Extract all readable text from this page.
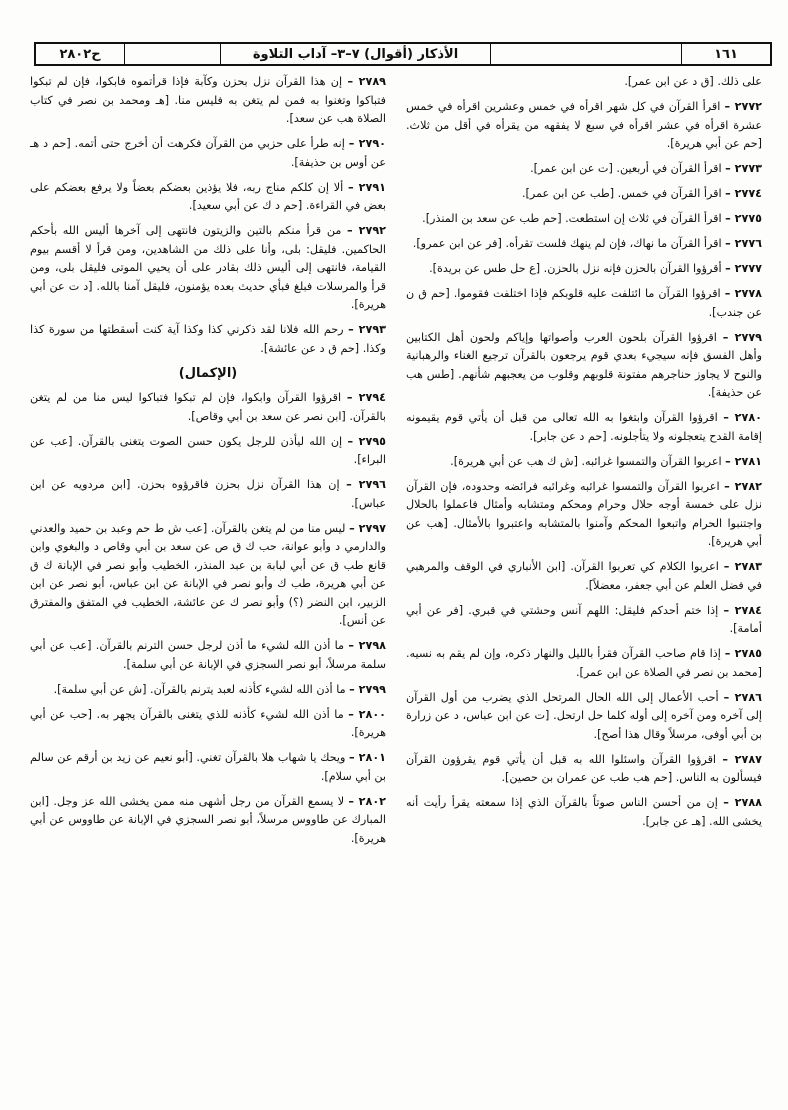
١٦١
الأذكار (أقوال) ٧–٣– آداب التلاوة
ح٢٨٠٢
على ذلك. [ق د عن ابن عمر].
٢٧٧٢ – اقرأ القرآن في كل شهر اقرأه في خمس وعشرين اقرأه في خمس عشرة اقرأه في عشر اقرأه في سبع لا يفقهه من يقرأه في أقل من ثلاث. [حم عن أبي هريرة].
٢٧٧٣ – اقرأ القرآن في أربعين. [ت عن ابن عمر].
٢٧٧٤ – اقرأ القرآن في خمس. [طب عن ابن عمر].
٢٧٧٥ – اقرأ القرآن في ثلاث إن استطعت. [حم طب عن سعد بن المنذر].
٢٧٧٦ – اقرأ القرآن ما نهاك، فإن لم ينهك فلست تقرأه. [فر عن ابن عمرو].
٢٧٧٧ – أقرؤوا القرآن بالحزن فإنه نزل بالحزن. [ع حل طس عن بريدة].
٢٧٧٨ – اقرؤوا القرآن ما ائتلفت عليه قلوبكم فإذا اختلفت فقوموا. [حم ق ن عن جندب].
٢٧٧٩ – اقرؤوا القرآن بلحون العرب وأصواتها وإياكم ولحون أهل الكتابين وأهل الفسق فإنه سيجيء بعدي قوم يرجعون بالقرآن ترجيع الغناء والرهبانية والنوح لا يجاوز حناجرهم مفتونة قلوبهم وقلوب من يعجبهم شأنهم. [طس هب عن حذيفة].
٢٧٨٠ – اقرؤوا القرآن وابتغوا به الله تعالى من قبل أن يأتي قوم يقيمونه إقامة القدح يتعجلونه ولا يتأجلونه. [حم د عن جابر].
٢٧٨١ – اعربوا القرآن والتمسوا غرائبه. [ش ك هب عن أبي هريرة].
٢٧٨٢ – اعربوا القرآن والتمسوا غرائبه وغرائبه فرائضه وحدوده، فإن القرآن نزل على خمسة أوجه حلال وحرام ومحكم ومتشابه وأمثال فاعملوا بالحلال واجتنبوا الحرام واتبعوا المحكم وآمنوا بالمتشابه واعتبروا بالأمثال. [هب عن أبي هريرة].
٢٧٨٣ – اعربوا الكلام كي تعربوا القرآن. [ابن الأنباري في الوقف والمرهبي في فضل العلم عن أبي جعفر، معضلاً].
٢٧٨٤ – إذا ختم أحدكم فليقل: اللهم آنس وحشتي في قبري. [فر عن أبي أمامة].
٢٧٨٥ – إذا قام صاحب القرآن فقرأ بالليل والنهار ذكره، وإن لم يقم به نسيه. [محمد بن نصر في الصلاة عن ابن عمر].
٢٧٨٦ – أحب الأعمال إلى الله الحال المرتحل الذي يضرب من أول القرآن إلى آخره ومن آخره إلى أوله كلما حل ارتحل. [ت عن ابن عباس، د عن زرارة بن أبي أوفى، مرسلاً وقال هذا أصح].
٢٧٨٧ – اقرؤوا القرآن واسئلوا الله به قبل أن يأتي قوم يقرؤون القرآن فيسألون به الناس. [حم هب طب عن عمران بن حصين].
٢٧٨٨ – إن من أحسن الناس صوتاً بالقرآن الذي إذا سمعته يقرأ رأيت أنه يخشى الله. [هـ عن جابر].
٢٧٨٩ – إن هذا القرآن نزل بحزن وكآبة فإذا قرأتموه فابكوا، فإن لم تبكوا فتباكوا وتغنوا به فمن لم يتغن به فليس منا. [هـ ومحمد بن نصر في كتاب الصلاة هب عن سعد].
٢٧٩٠ – إنه طرأ على حزبي من القرآن فكرهت أن أخرج حتى أتمه. [حم د هـ عن أوس بن حذيفة].
٢٧٩١ – ألا إن كلكم مناج ربه، فلا يؤذين بعضكم بعضاً ولا يرفع بعضكم على بعض في القراءة. [حم د ك عن أبي سعيد].
٢٧٩٢ – من قرأ منكم بالتين والزيتون فانتهى إلى آخرها أليس الله بأحكم الحاكمين. فليقل: بلى، وأنا على ذلك من الشاهدين، ومن قرأ لا أقسم بيوم القيامة، فانتهى إلى أليس ذلك بقادر على أن يحيي الموتى فليقل بلى، ومن قرأ والمرسلات فبلغ فبأي حديث بعده يؤمنون، فليقل آمنا بالله. [د ت عن أبي هريرة].
٢٧٩٣ – رحم الله فلانا لقد ذكرني كذا وكذا آية كنت أسقطتها من سورة كذا وكذا. [حم ق د عن عائشة].
(الإكمال)
٢٧٩٤ – اقرؤوا القرآن وابكوا، فإن لم تبكوا فتباكوا ليس منا من لم يتغن بالقرآن. [ابن نصر عن سعد بن أبي وقاص].
٢٧٩٥ – إن الله ليأذن للرجل يكون حسن الصوت يتغنى بالقرآن. [عب عن البراء].
٢٧٩٦ – إن هذا القرآن نزل بحزن فاقرؤوه بحزن. [ابن مردويه عن ابن عباس].
٢٧٩٧ – ليس منا من لم يتغن بالقرآن. [عب ش ط حم وعبد بن حميد والعدني والدارمي د وأبو عوانة، حب ك ق ص عن سعد بن أبي وقاص د والبغوي وابن قانع طب ق عن أبي لبابة بن عبد المنذر، الخطيب وأبو نصر في الإبانة ك ق عن أبي هريرة، طب ك وأبو نصر في الإبانة عن ابن عباس، أبو نصر عن ابن الزبير، ابن النضر (؟) وأبو نصر ك عن عائشة، الخطيب في المتفق والمفترق عن أنس].
٢٧٩٨ – ما أذن الله لشيء ما أذن لرجل حسن الترنم بالقرآن. [عب عن أبي سلمة مرسلاً، أبو نصر السجزي في الإبانة عن أبي سلمة].
٢٧٩٩ – ما أذن الله لشيء كأذنه لعبد يترنم بالقرآن. [ش عن أبي سلمة].
٢٨٠٠ – ما أذن الله لشيء كأذنه للذي يتغنى بالقرآن يجهر به. [حب عن أبي هريرة].
٢٨٠١ – ويحك يا شهاب هلا بالقرآن تغني. [أبو نعيم عن زيد بن أرقم عن سالم بن أبي سلام].
٢٨٠٢ – لا يسمع القرآن من رجل أشهى منه ممن يخشى الله عز وجل. [ابن المبارك عن طاووس مرسلاً، أبو نصر السجزي في الإبانة عن طاووس عن أبي هريرة].
